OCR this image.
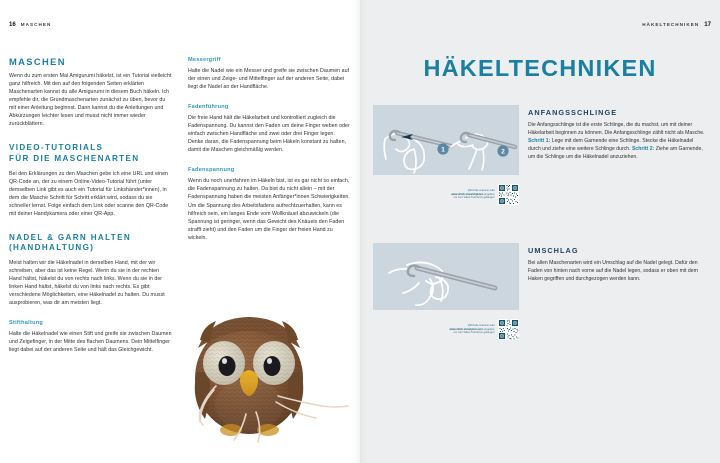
16 MASCHEN
MASCHEN

Wenn du zum ersten Mal Amigurumi häkelst, ist ein Tutorial vielleicht ganz hilfreich. Mit den auf den folgenden Seiten erklärten Maschenarten kannst du alle Amigurumi in diesem Buch häkeln. Ich empfehle dir, die Grundmaschenarten zunächst zu üben, bevor du mit einer Anleitung beginnst. Dann kannst du die Anleitungen und Abkürzungen leichter lesen und musst nicht immer wieder zurückblättern.

VIDEO-TUTORIALS
FÜR DIE MASCHENARTEN

Bei den Erklärungen zu den Maschen gebe ich eine URL und einen QR-Code an, der zu einem Online-Video-Tutorial führt (unter demselben Link gibt es auch ein Tutorial für Linkshänder*innen), in dem die Masche Schritt für Schritt erklärt wird, sodass du sie schneller lernst. Folge einfach dem Link oder scanne den QR-Code mit deiner Handykamera oder einer QR-App.

NADEL & GARN HALTEN
(HANDHALTUNG)

Meist halten wir die Häkelnadel in derselben Hand, mit der wir schreiben, aber das ist keine Regel. Wenn du sie in der rechten Hand hältst, häkelst du von rechts nach links. Wenn du sie in der linken Hand hältst, häkelst du von links nach rechts. Es gibt verschiedene Möglichkeiten, eine Häkelnadel zu halten. Du musst ausprobieren, was dir am meisten liegt.

Stifthaltung

Halte die Häkelnadel wie einen Stift und greife sie zwischen Daumen und Zeigefinger, in der Mitte des flachen Daumens. Dein Mittelfinger liegt dabei auf der anderen Seite und hält das Gleichgewicht.

Messergriff

Halte die Nadel wie ein Messer und greife sie zwischen Daumen auf der einen und Zeige- und Mittelfinger auf der anderen Seite, dabei liegt die Nadel an der Handfläche.

Fadenführung

Die freie Hand hält die Häkelarbeit und kontrolliert zugleich die Fadenspannung. Du kannst den Faden um deine Finger weben oder einfach zwischen Handfläche und zwei oder drei Finger legen. Denke daran, die Fadenspannung beim Häkeln konstant zu halten, damit die Maschen gleichmäßig werden.

Fadenspannung

Wenn du noch unerfahren im Häkeln bist, ist es gar nicht so einfach, die Fadenspannung zu halten. Da bist du nicht allein – mit der Fadenspannung haben die meisten Anfänger*innen Schwierigkeiten. Um die Spannung des Arbeitsfadens aufrechtzuerhalten, kann es hilfreich sein, ein langes Ende vom Wollknäuel abzuwickeln (die Spannung ist geringer, wenn das Gewicht des Knäuels den Faden strafft zieht) und den Faden um die Finger der freien Hand zu wickeln.

HÄKELTECHNIKEN 17
HÄKELTECHNIKEN
1	2
QR-Code scannen oder
www.stitch.show/slipknot eingeben,
um zum Video-Tutorial zu gelangen.
ANFANGSSCHLINGE

Die Anfangsschlinge ist die erste Schlinge, die du machst, um mit deiner Häkelarbeit beginnen zu können. Die Anfangsschlinge zählt nicht als Masche. Schritt 1: Lege mit dem Garnende eine Schlinge. Stecke die Häkelnadel durch und ziehe eine weitere Schlinge durch. Schritt 2: Ziehe am Garnende, um die Schlinge um die Häkelnadel anzuziehen.

QR-Code scannen oder
www.stitch.show/yarn-over eingeben,
um zum Video-Tutorial zu gelangen.
UMSCHLAG

Bei allen Maschenarten wird ein Umschlag auf die Nadel gelegt. Dafür den Faden von hinten nach vorne auf die Nadel legen, sodass er oben mit dem Haken gegriffen und durchgezogen werden kann.
